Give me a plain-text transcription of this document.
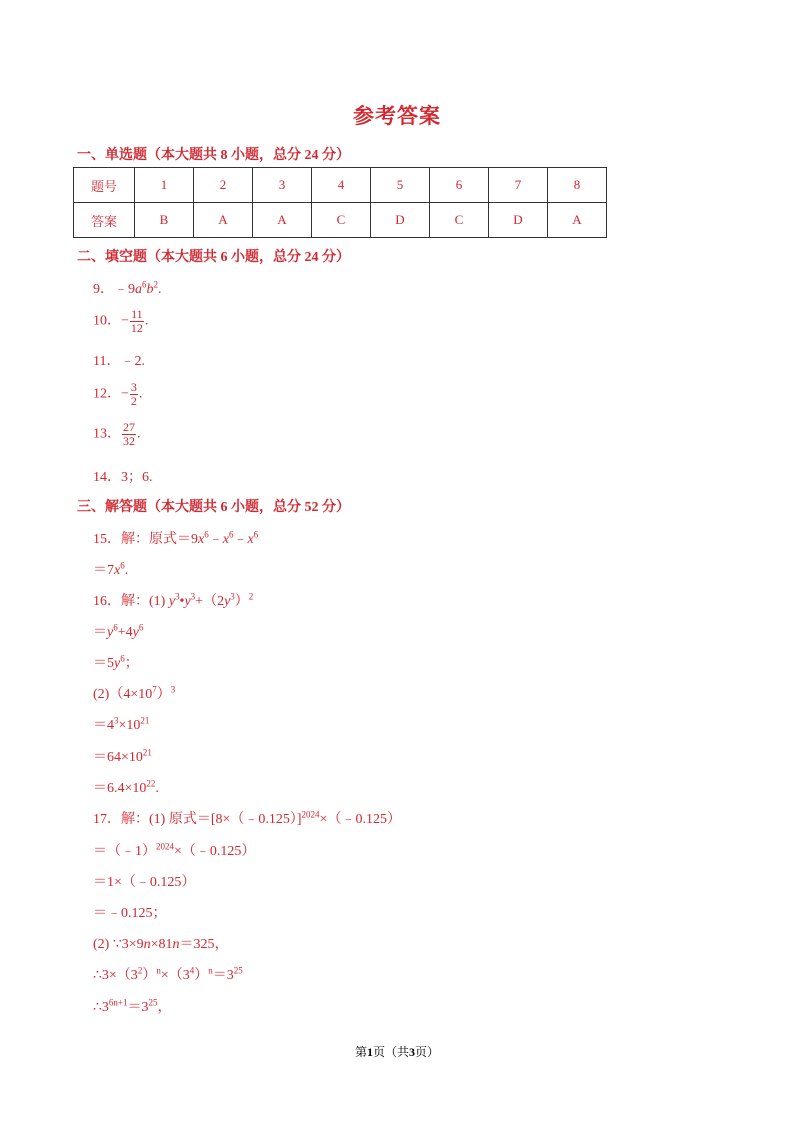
参考答案
一、单选题（本大题共 8 小题，总分 24 分）
题号	1	2	3	4	5	6	7	8
答案	B	A	A	C	D	C	D	A
二、填空题（本大题共 6 小题，总分 24 分）
9．$﹣9a^6b^2$.
10．− $\frac{11}{12}$ .
11．﹣2.
12．− $\frac{3}{2}$ .
13． $\frac{27}{32}$ .
14．3；6.
三、解答题（本大题共 6 小题，总分 52 分）
15．解：原式$=9x^6﹣x^6﹣x^6$
$=7x^6$.
16．解：(1) $y^3•y^3+(2y^3)^2$
$=y^6+4y^6$
$=5y^6$；
$(2)(4\times 10^7)^3$
$=4^3\times 10^{21}$
$=64\times 10^{21}$
$=6.4\times 10^{22}$.
17．解：(1) 原式＝[8×（﹣0.125）]$^{2024}$×（﹣0.125）
＝（﹣1）$^{2024}$×（﹣0.125）
＝1×（﹣0.125）
＝﹣0.125；
(2) ∵3×9n×81n＝325，
$\therefore 3\times(3^2)^n\times(3^4)^n=3^{25}$
$\therefore 3^{6n+1}=3^{25}$，
第1页（共3页）
